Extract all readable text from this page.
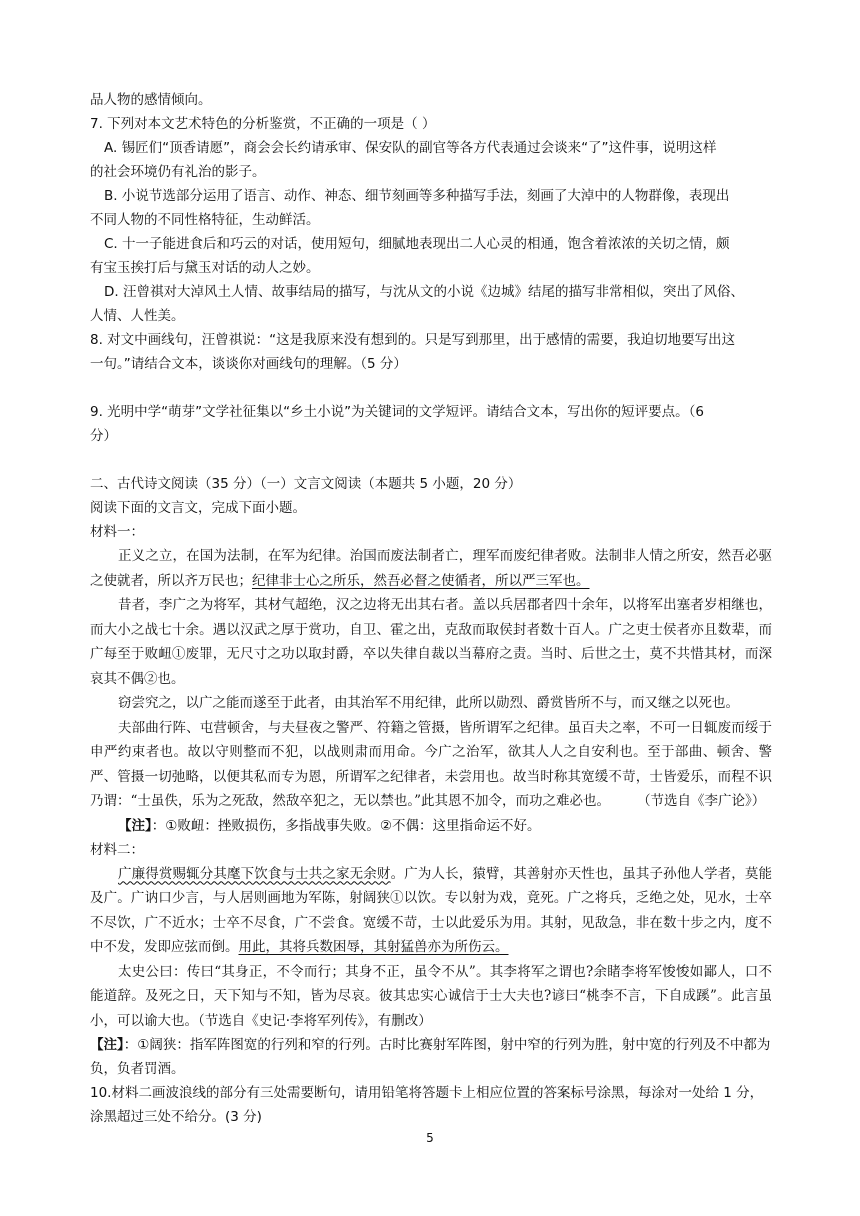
品人物的感情倾向。

7. 下列对本文艺术特色的分析鉴赏，不正确的一项是（ ）

A. 锡匠们“顶香请愿”，商会会长约请承审、保安队的副官等各方代表通过会谈来“了”这件事，说明这样

的社会环境仍有礼治的影子。

B. 小说节选部分运用了语言、动作、神态、细节刻画等多种描写手法，刻画了大淖中的人物群像，表现出

不同人物的不同性格特征，生动鲜活。

C. 十一子能进食后和巧云的对话，使用短句，细腻地表现出二人心灵的相通，饱含着浓浓的关切之情，颇

有宝玉挨打后与黛玉对话的动人之妙。

D. 汪曾祺对大淖风土人情、故事结局的描写，与沈从文的小说《边城》结尾的描写非常相似，突出了风俗、

人情、人性美。

8. 对文中画线句，汪曾祺说：“这是我原来没有想到的。只是写到那里，出于感情的需要，我迫切地要写出这

一句。”请结合文本，谈谈你对画线句的理解。（5 分）

9. 光明中学“萌芽”文学社征集以“乡土小说”为关键词的文学短评。请结合文本，写出你的短评要点。（6

分）

二、古代诗文阅读（35 分）（一）文言文阅读（本题共 5 小题，20 分）

阅读下面的文言文，完成下面小题。

材料一：

正义之立，在国为法制，在军为纪律。治国而废法制者亡，理军而废纪律者败。法制非人情之所安，然吾必驱之使就者，所以齐万民也；纪律非士心之所乐，然吾必督之使循者，所以严三军也。

昔者，李广之为将军，其材气超绝，汉之边将无出其右者。盖以兵居郡者四十余年，以将军出塞者岁相继也，而大小之战七十余。遇以汉武之厚于赏功，自卫、霍之出，克敌而取侯封者数十百人。广之吏士侯者亦且数辈，而广每至于败衄①废罪，无尺寸之功以取封爵，卒以失律自裁以当幕府之责。当时、后世之士，莫不共惜其材，而深哀其不偶②也。

窃尝究之，以广之能而遂至于此者，由其治军不用纪律，此所以勋烈、爵赏皆所不与，而又继之以死也。

夫部曲行阵、屯营顿舍，与夫昼夜之警严、符籍之管摄，皆所谓军之纪律。虽百夫之率，不可一日辄废而绥于申严约束者也。故以守则整而不犯，以战则肃而用命。今广之治军，欲其人人之自安利也。至于部曲、顿舍、警严、管摄一切弛略，以便其私而专为恩，所谓军之纪律者，未尝用也。故当时称其宽缓不苛，士皆爱乐，而程不识乃谓：“士虽佚，乐为之死敌，然敌卒犯之，无以禁也。”此其恩不加令，而功之难必也。   （节选自《李广论》）

【注】：①败衄：挫败损伤，多指战事失败。②不偶：这里指命运不好。

材料二：

广廉得赏赐辄分其麾下饮食与士共之家无余财。广为人长，猿臂，其善射亦天性也，虽其子孙他人学者，莫能及广。广讷口少言，与人居则画地为军陈，射阔狭①以饮。专以射为戏，竟死。广之将兵，乏绝之处，见水，士卒不尽饮，广不近水；士卒不尽食，广不尝食。宽缓不苛，士以此爱乐为用。其射，见敌急，非在数十步之内，度不中不发，发即应弦而倒。用此，其将兵数困辱，其射猛兽亦为所伤云。

太史公曰：传曰“其身正，不令而行；其身不正，虽令不从”。其李将军之谓也?余睹李将军悛悛如鄙人，口不能道辞。及死之日，天下知与不知，皆为尽哀。彼其忠实心诚信于士大夫也?谚曰“桃李不言，下自成蹊”。此言虽小，可以谕大也。（节选自《史记·李将军列传》，有删改）

【注】：①阔狭：指军阵图宽的行列和窄的行列。古时比赛射军阵图，射中窄的行列为胜，射中宽的行列及不中都为负，负者罚酒。

10.材料二画波浪线的部分有三处需要断句，请用铅笔将答题卡上相应位置的答案标号涂黑，每涂对一处给 1 分，涂黑超过三处不给分。(3 分)

5
